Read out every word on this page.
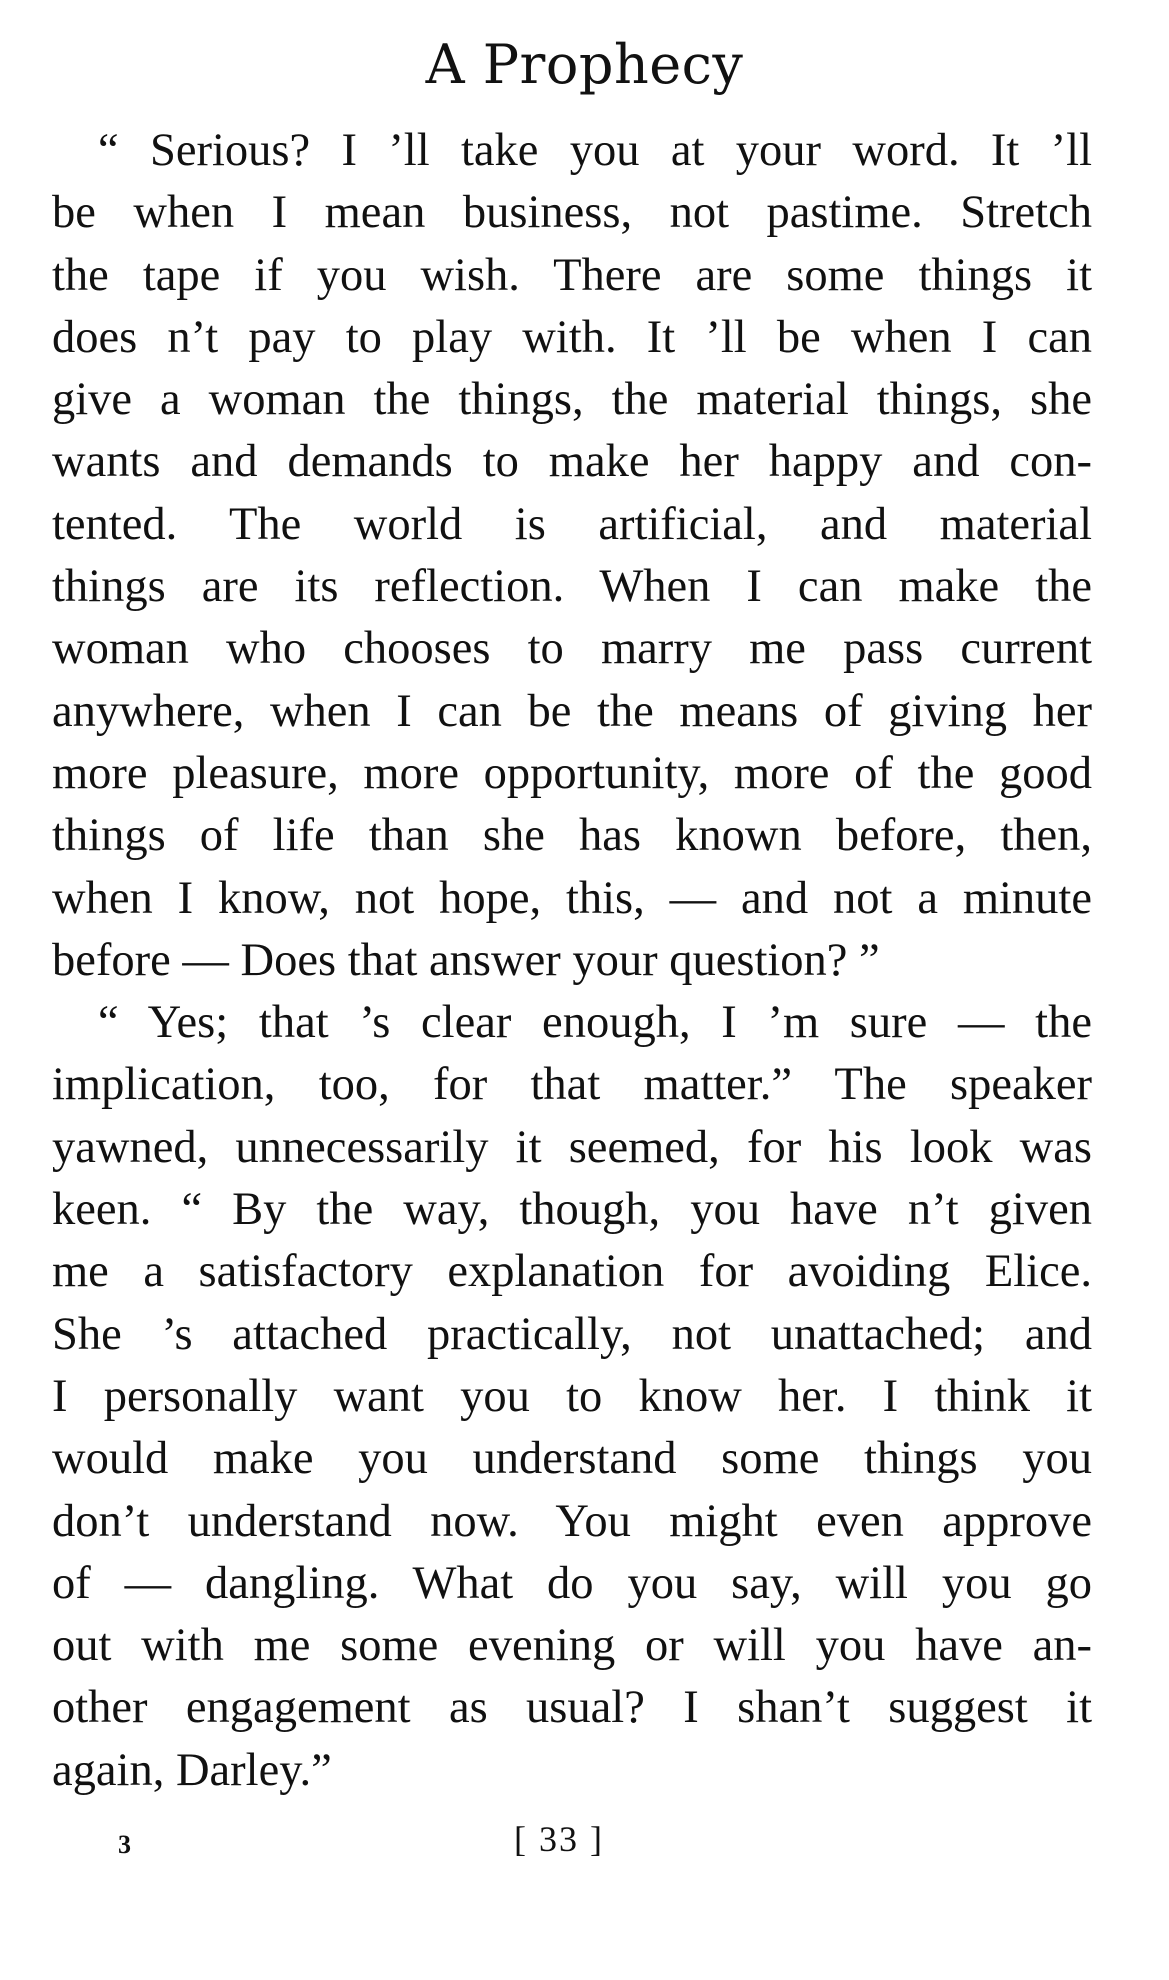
A Prophecy
“ Serious? I ’ll take you at your word. It ’ll
be when I mean business, not pastime. Stretch
the tape if you wish. There are some things it
does n’t pay to play with. It ’ll be when I can
give a woman the things, the material things, she
wants and demands to make her happy and con-
tented. The world is artificial, and material
things are its reflection. When I can make the
woman who chooses to marry me pass current
anywhere, when I can be the means of giving her
more pleasure, more opportunity, more of the good
things of life than she has known before, then,
when I know, not hope, this, — and not a minute
before — Does that answer your question? ”
“ Yes; that ’s clear enough, I ’m sure — the
implication, too, for that matter.” The speaker
yawned, unnecessarily it seemed, for his look was
keen. “ By the way, though, you have n’t given
me a satisfactory explanation for avoiding Elice.
She ’s attached practically, not unattached; and
I personally want you to know her. I think it
would make you understand some things you
don’t understand now. You might even approve
of — dangling. What do you say, will you go
out with me some evening or will you have an-
other engagement as usual? I shan’t suggest it
again, Darley.”
3	[ 33 ]
